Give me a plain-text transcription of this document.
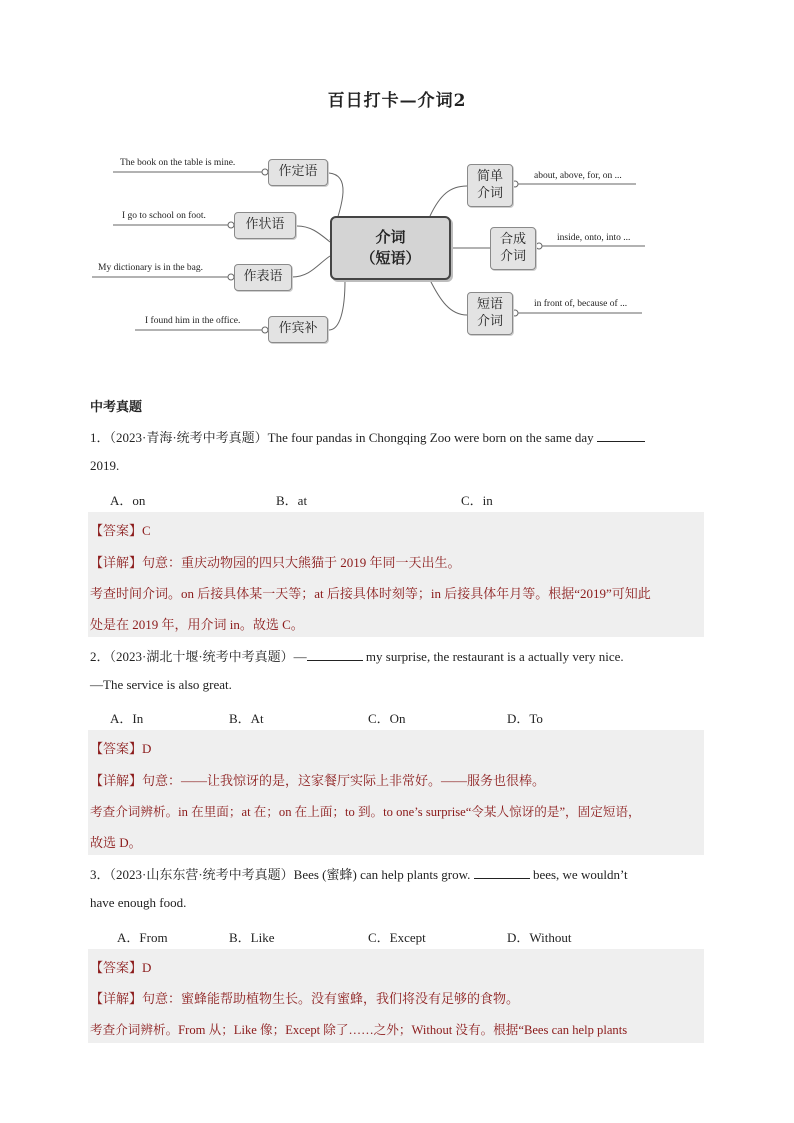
百日打卡—介词2
作定语
作状语
作表语
作宾补
The book on the table is mine.
I go to school on foot.
My dictionary is in the bag.
I found him in the office.
介词
（短语）
简单
介词
合成
介词
短语
介词
about, above, for, on ...
inside, onto, into ...
in front of, because of ...
中考真题
1．（2023·青海·统考中考真题）The four pandas in Chongqing Zoo were born on the same day
2019.
A．on	B．at	C．in
【答案】C
【详解】句意：重庆动物园的四只大熊猫于 2019 年同一天出生。
考查时间介词。on 后接具体某一天等；at 后接具体时刻等；in 后接具体年月等。根据“2019”可知此
处是在 2019 年，用介词 in。故选 C。
2．（2023·湖北十堰·统考中考真题）—	my surprise, the restaurant is a actually very nice.
—The service is also great.
A．In	B．At	C．On	D．To
【答案】D
【详解】句意：——让我惊讶的是，这家餐厅实际上非常好。——服务也很棒。
考查介词辨析。in 在里面；at 在；on 在上面；to 到。to one’s surprise“令某人惊讶的是”，固定短语，
故选 D。
3．（2023·山东东营·统考中考真题）Bees (蜜蜂) can help plants grow.	bees, we wouldn’t
have enough food.
A．From	B．Like	C．Except	D．Without
【答案】D
【详解】句意：蜜蜂能帮助植物生长。没有蜜蜂，我们将没有足够的食物。
考查介词辨析。From 从；Like 像；Except 除了……之外；Without 没有。根据“Bees can help plants
